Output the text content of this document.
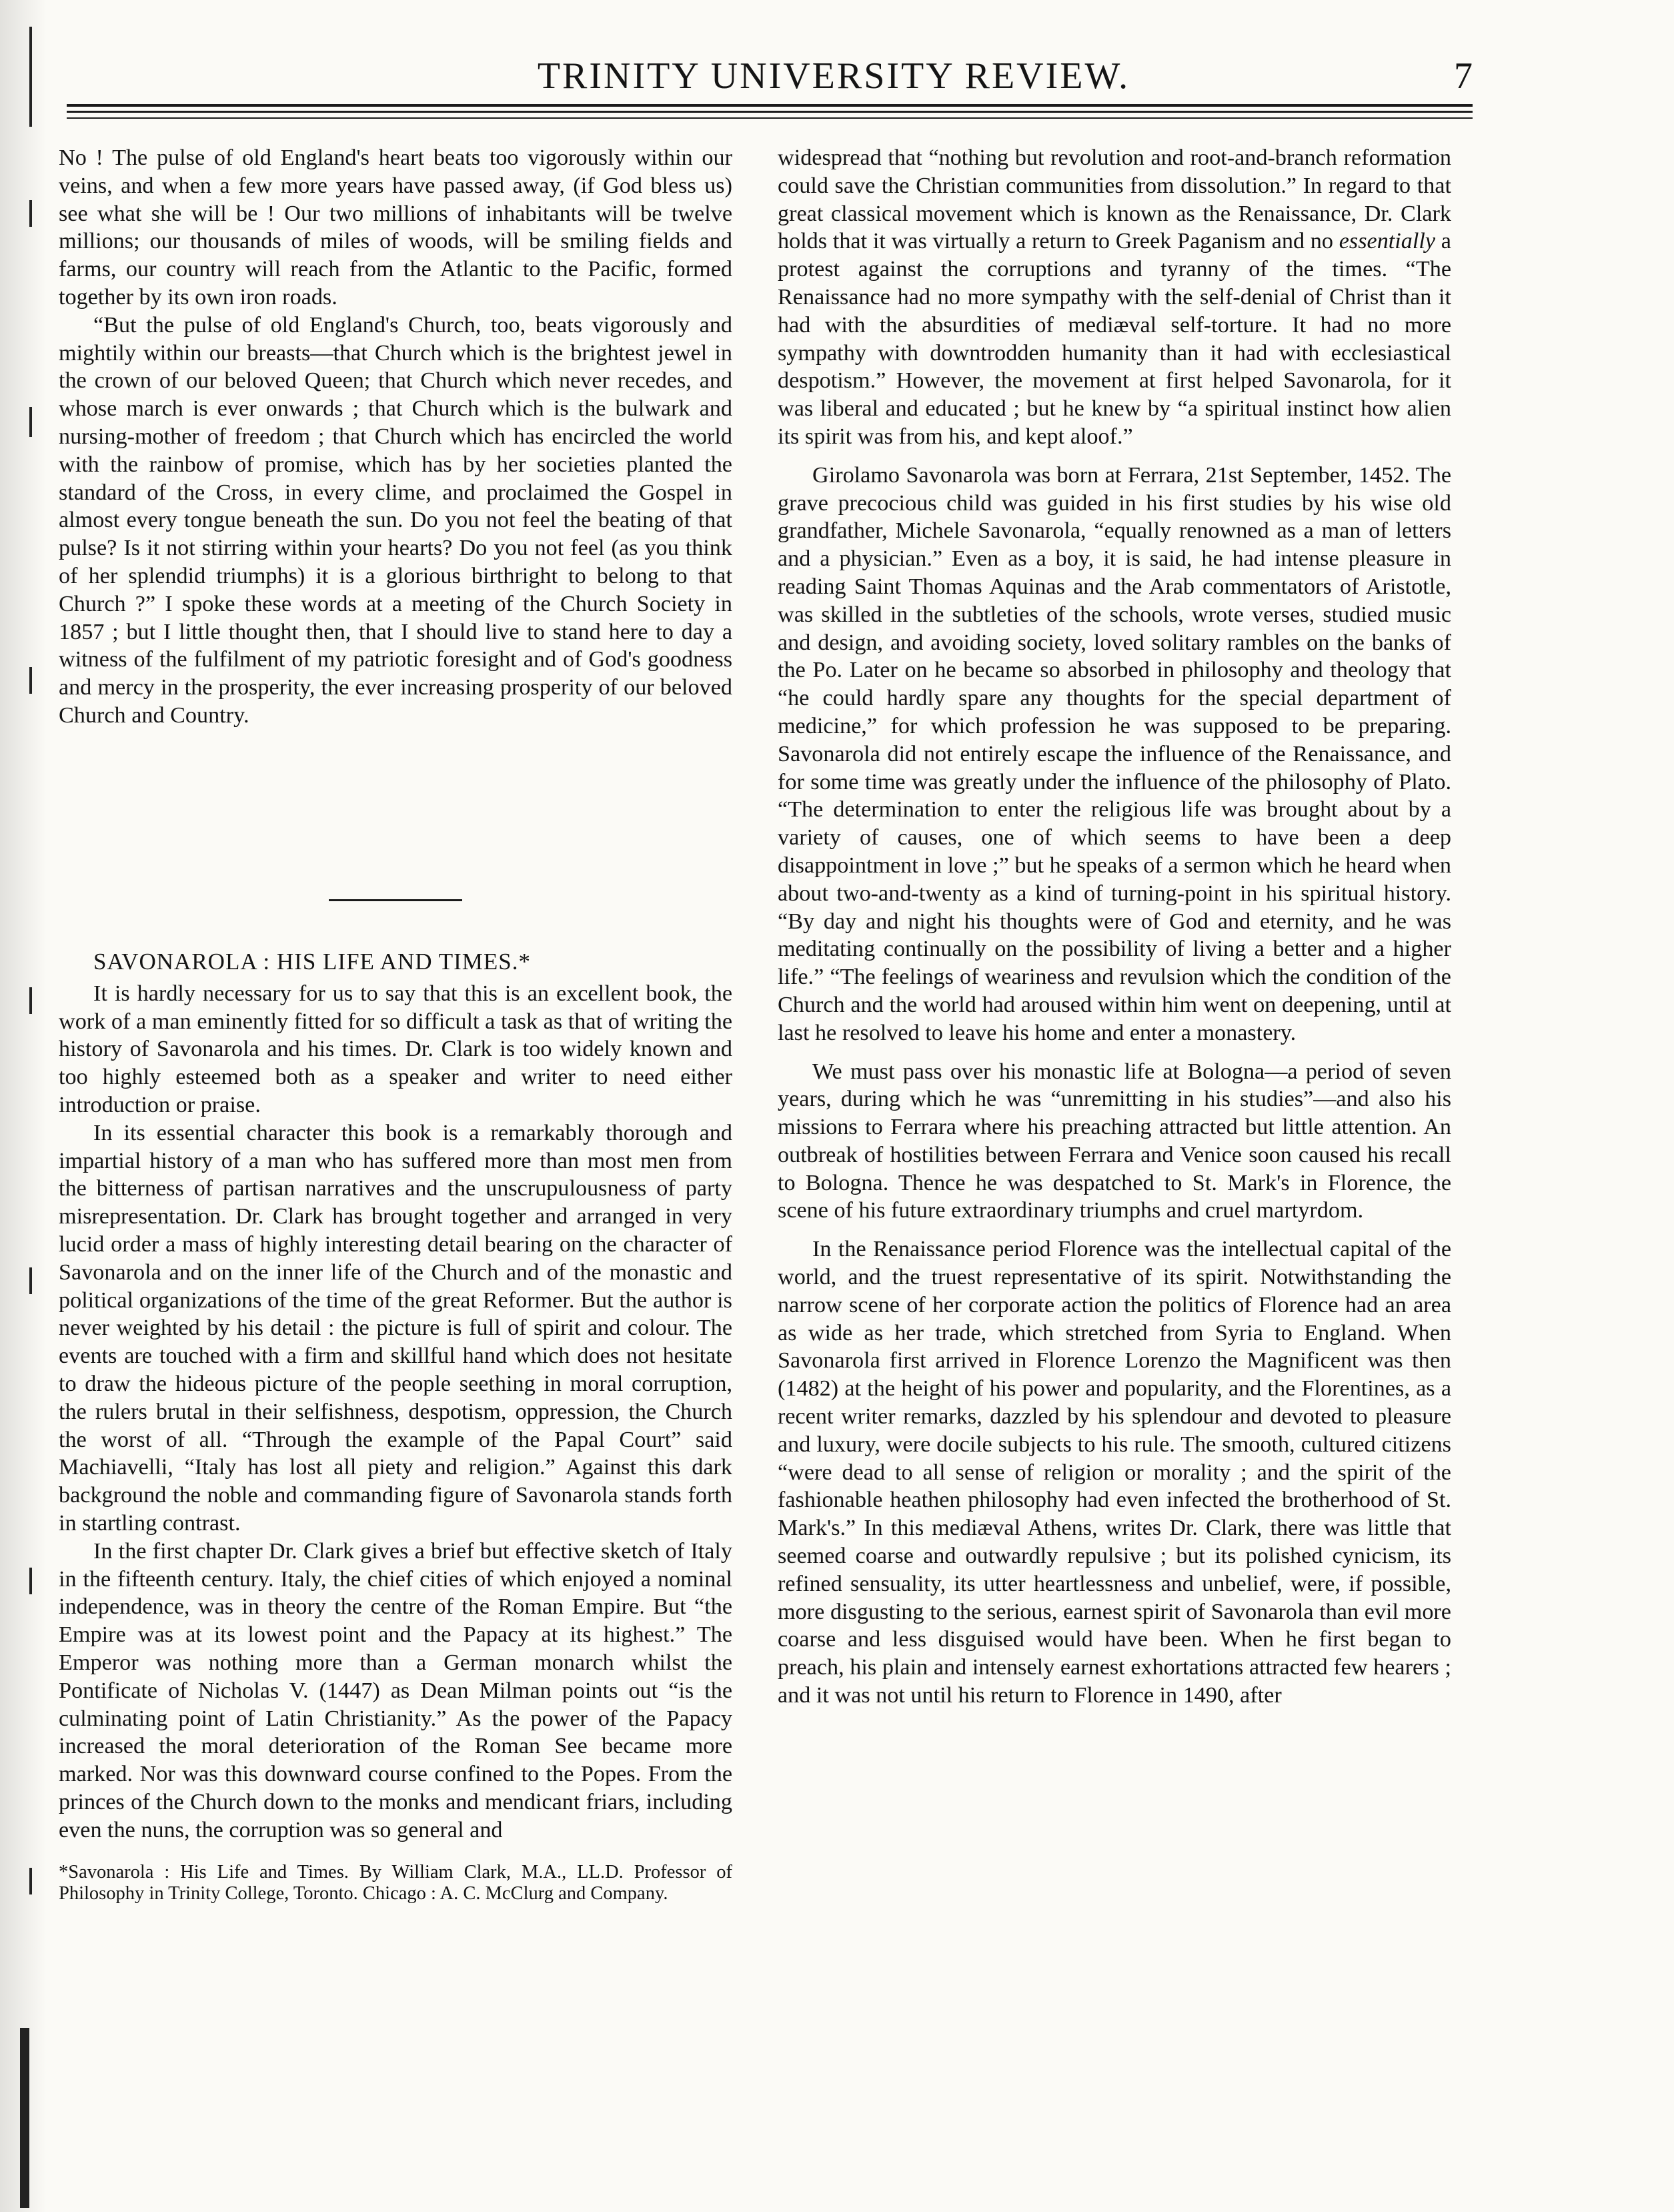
TRINITY UNIVERSITY REVIEW.	7

No ! The pulse of old England's heart beats too vigorously within our veins, and when a few more years have passed away, (if God bless us) see what she will be ! Our two millions of inhabitants will be twelve millions; our thousands of miles of woods, will be smiling fields and farms, our country will reach from the Atlantic to the Pacific, formed together by its own iron roads.

“But the pulse of old England's Church, too, beats vigorously and mightily within our breasts—that Church which is the brightest jewel in the crown of our beloved Queen; that Church which never recedes, and whose march is ever onwards ; that Church which is the bulwark and nursing-mother of freedom ; that Church which has encircled the world with the rainbow of promise, which has by her societies planted the standard of the Cross, in every clime, and proclaimed the Gospel in almost every tongue beneath the sun. Do you not feel the beating of that pulse? Is it not stirring within your hearts? Do you not feel (as you think of her splendid triumphs) it is a glorious birthright to belong to that Church ?” I spoke these words at a meeting of the Church Society in 1857 ; but I little thought then, that I should live to stand here to day a witness of the fulfilment of my patriotic foresight and of God's goodness and mercy in the prosperity, the ever increasing prosperity of our beloved Church and Country.

SAVONAROLA : HIS LIFE AND TIMES.*

It is hardly necessary for us to say that this is an excellent book, the work of a man eminently fitted for so difficult a task as that of writing the history of Savonarola and his times. Dr. Clark is too widely known and too highly esteemed both as a speaker and writer to need either introduction or praise.

In its essential character this book is a remarkably thorough and impartial history of a man who has suffered more than most men from the bitterness of partisan narratives and the unscrupulousness of party misrepresentation. Dr. Clark has brought together and arranged in very lucid order a mass of highly interesting detail bearing on the character of Savonarola and on the inner life of the Church and of the monastic and political organizations of the time of the great Reformer. But the author is never weighted by his detail : the picture is full of spirit and colour. The events are touched with a firm and skillful hand which does not hesitate to draw the hideous picture of the people seething in moral corruption, the rulers brutal in their selfishness, despotism, oppression, the Church the worst of all. “Through the example of the Papal Court” said Machiavelli, “Italy has lost all piety and religion.” Against this dark background the noble and commanding figure of Savonarola stands forth in startling contrast.

In the first chapter Dr. Clark gives a brief but effective sketch of Italy in the fifteenth century. Italy, the chief cities of which enjoyed a nominal independence, was in theory the centre of the Roman Empire. But “the Empire was at its lowest point and the Papacy at its highest.” The Emperor was nothing more than a German monarch whilst the Pontificate of Nicholas V. (1447) as Dean Milman points out “is the culminating point of Latin Christianity.” As the power of the Papacy increased the moral deterioration of the Roman See became more marked. Nor was this downward course confined to the Popes. From the princes of the Church down to the monks and mendicant friars, including even the nuns, the corruption was so general and

*Savonarola : His Life and Times. By William Clark, M.A., LL.D. Professor of Philosophy in Trinity College, Toronto. Chicago : A. C. McClurg and Company.

widespread that “nothing but revolution and root-and-branch reformation could save the Christian communities from dissolution.” In regard to that great classical movement which is known as the Renaissance, Dr. Clark holds that it was virtually a return to Greek Paganism and no essentially a protest against the corruptions and tyranny of the times. “The Renaissance had no more sympathy with the self-denial of Christ than it had with the absurdities of mediæval self-torture. It had no more sympathy with downtrodden humanity than it had with ecclesiastical despotism.” However, the movement at first helped Savonarola, for it was liberal and educated ; but he knew by “a spiritual instinct how alien its spirit was from his, and kept aloof.”

Girolamo Savonarola was born at Ferrara, 21st September, 1452. The grave precocious child was guided in his first studies by his wise old grandfather, Michele Savonarola, “equally renowned as a man of letters and a physician.” Even as a boy, it is said, he had intense pleasure in reading Saint Thomas Aquinas and the Arab commentators of Aristotle, was skilled in the subtleties of the schools, wrote verses, studied music and design, and avoiding society, loved solitary rambles on the banks of the Po. Later on he became so absorbed in philosophy and theology that “he could hardly spare any thoughts for the special department of medicine,” for which profession he was supposed to be preparing. Savonarola did not entirely escape the influence of the Renaissance, and for some time was greatly under the influence of the philosophy of Plato. “The determination to enter the religious life was brought about by a variety of causes, one of which seems to have been a deep disappointment in love ;” but he speaks of a sermon which he heard when about two-and-twenty as a kind of turning-point in his spiritual history. “By day and night his thoughts were of God and eternity, and he was meditating continually on the possibility of living a better and a higher life.” “The feelings of weariness and revulsion which the condition of the Church and the world had aroused within him went on deepening, until at last he resolved to leave his home and enter a monastery.

We must pass over his monastic life at Bologna—a period of seven years, during which he was “unremitting in his studies”—and also his missions to Ferrara where his preaching attracted but little attention. An outbreak of hostilities between Ferrara and Venice soon caused his recall to Bologna. Thence he was despatched to St. Mark's in Florence, the scene of his future extraordinary triumphs and cruel martyrdom.

In the Renaissance period Florence was the intellectual capital of the world, and the truest representative of its spirit. Notwithstanding the narrow scene of her corporate action the politics of Florence had an area as wide as her trade, which stretched from Syria to England. When Savonarola first arrived in Florence Lorenzo the Magnificent was then (1482) at the height of his power and popularity, and the Florentines, as a recent writer remarks, dazzled by his splendour and devoted to pleasure and luxury, were docile subjects to his rule. The smooth, cultured citizens “were dead to all sense of religion or morality ; and the spirit of the fashionable heathen philosophy had even infected the brotherhood of St. Mark's.” In this mediæval Athens, writes Dr. Clark, there was little that seemed coarse and outwardly repulsive ; but its polished cynicism, its refined sensuality, its utter heartlessness and unbelief, were, if possible, more disgusting to the serious, earnest spirit of Savonarola than evil more coarse and less disguised would have been. When he first began to preach, his plain and intensely earnest exhortations attracted few hearers ; and it was not until his return to Florence in 1490, after
